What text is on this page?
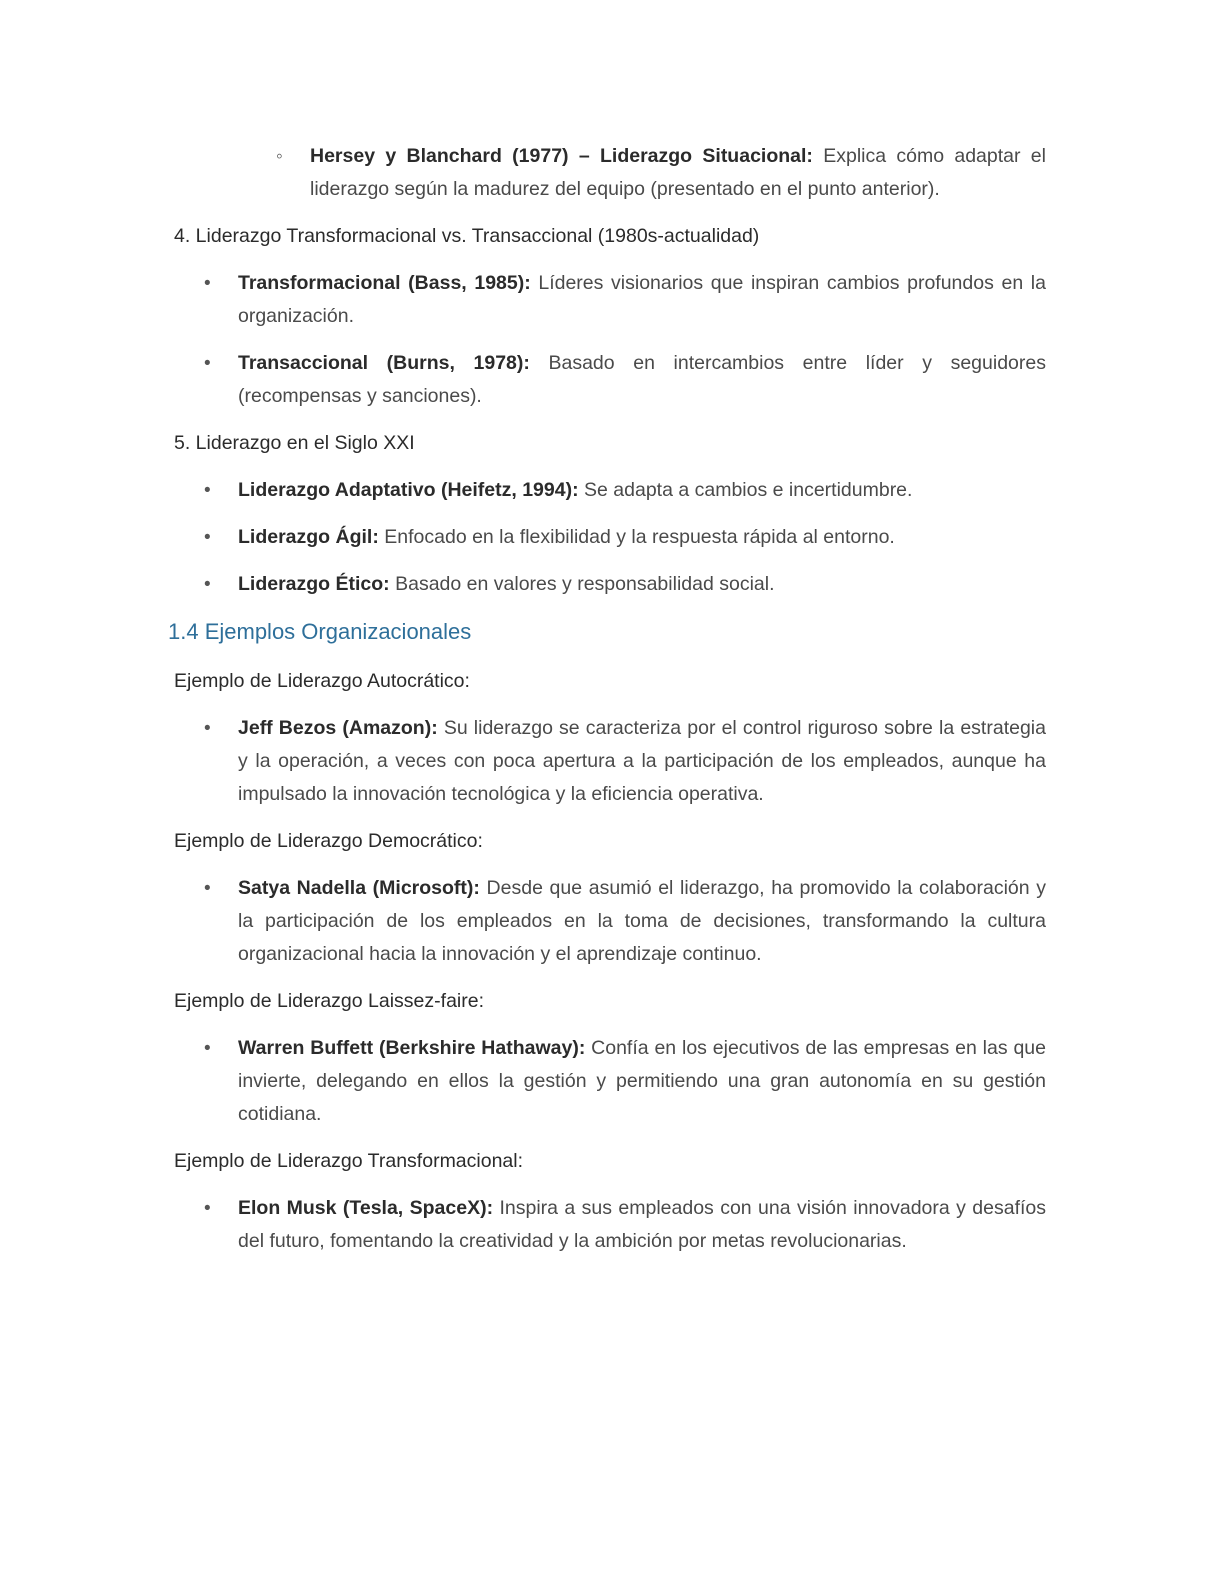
◦ Hersey y Blanchard (1977) – Liderazgo Situacional: Explica cómo adaptar el liderazgo según la madurez del equipo (presentado en el punto anterior).
4. Liderazgo Transformacional vs. Transaccional (1980s-actualidad)
• Transformacional (Bass, 1985): Líderes visionarios que inspiran cambios profundos en la organización.
• Transaccional (Burns, 1978): Basado en intercambios entre líder y seguidores (recompensas y sanciones).
5. Liderazgo en el Siglo XXI
• Liderazgo Adaptativo (Heifetz, 1994): Se adapta a cambios e incertidumbre.
• Liderazgo Ágil: Enfocado en la flexibilidad y la respuesta rápida al entorno.
• Liderazgo Ético: Basado en valores y responsabilidad social.
1.4 Ejemplos Organizacionales
Ejemplo de Liderazgo Autocrático:
• Jeff Bezos (Amazon): Su liderazgo se caracteriza por el control riguroso sobre la estrategia y la operación, a veces con poca apertura a la participación de los empleados, aunque ha impulsado la innovación tecnológica y la eficiencia operativa.
Ejemplo de Liderazgo Democrático:
• Satya Nadella (Microsoft): Desde que asumió el liderazgo, ha promovido la colaboración y la participación de los empleados en la toma de decisiones, transformando la cultura organizacional hacia la innovación y el aprendizaje continuo.
Ejemplo de Liderazgo Laissez-faire:
• Warren Buffett (Berkshire Hathaway): Confía en los ejecutivos de las empresas en las que invierte, delegando en ellos la gestión y permitiendo una gran autonomía en su gestión cotidiana.
Ejemplo de Liderazgo Transformacional:
• Elon Musk (Tesla, SpaceX): Inspira a sus empleados con una visión innovadora y desafíos del futuro, fomentando la creatividad y la ambición por metas revolucionarias.
